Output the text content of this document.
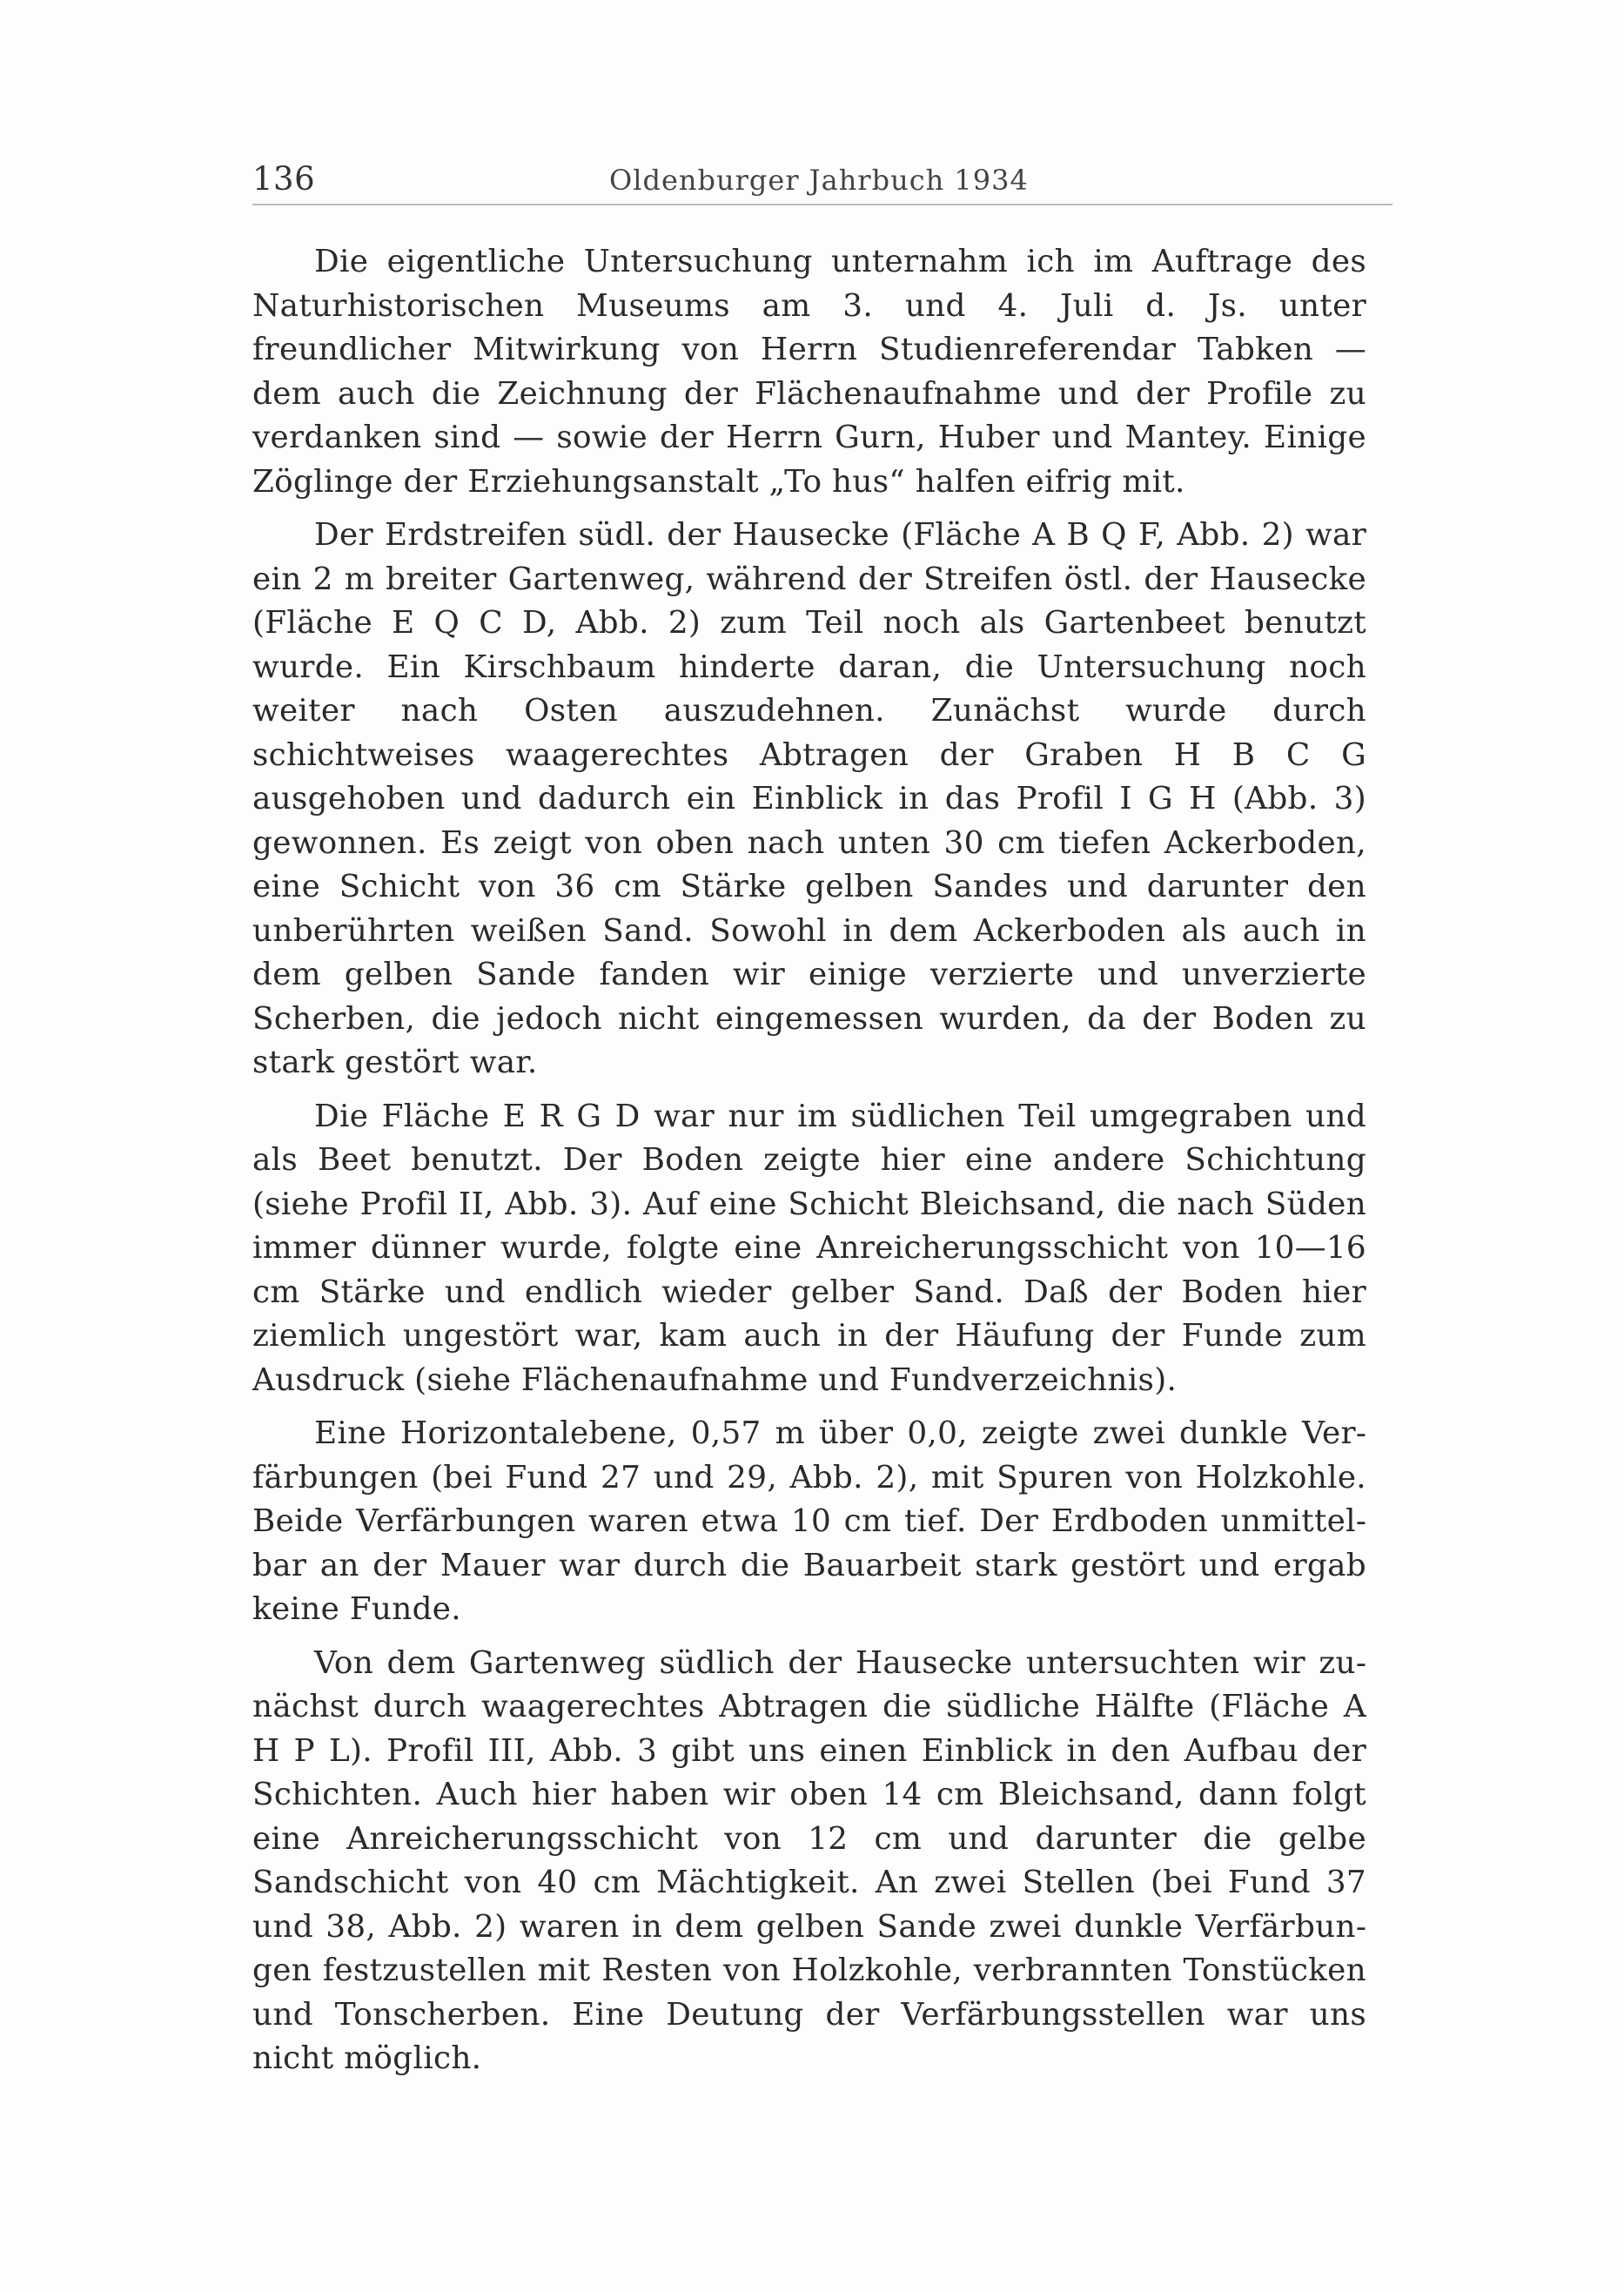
136	Oldenburger Jahrbuch 1934

Die eigentliche Untersuchung unternahm ich im Auftrage des Naturhistorischen Museums am 3. und 4. Juli d. Js. unter freundlicher Mitwirkung von Herrn Studienreferendar Tabken — dem auch die Zeichnung der Flächenaufnahme und der Profile zu verdanken sind — sowie der Herrn Gurn, Huber und Mantey. Einige Zöglinge der Erziehungsanstalt „To hus“ halfen eifrig mit.

Der Erdstreifen südl. der Hausecke (Fläche A B Q F, Abb. 2) war ein 2 m breiter Gartenweg, während der Streifen östl. der Hausecke (Fläche E Q C D, Abb. 2) zum Teil noch als Gartenbeet benutzt wurde. Ein Kirschbaum hinderte daran, die Untersuchung noch weiter nach Osten auszudehnen. Zunächst wurde durch schichtweises waagerechtes Abtragen der Graben H B C G ausgehoben und dadurch ein Einblick in das Profil I G H (Abb. 3) gewonnen. Es zeigt von oben nach unten 30 cm tiefen Ackerboden, eine Schicht von 36 cm Stärke gelben Sandes und darunter den unberührten weißen Sand. Sowohl in dem Ackerboden als auch in dem gelben Sande fanden wir einige verzierte und unverzierte Scherben, die jedoch nicht eingemessen wurden, da der Boden zu stark gestört war.

Die Fläche E R G D war nur im südlichen Teil umgegraben und als Beet benutzt. Der Boden zeigte hier eine andere Schichtung (siehe Profil II, Abb. 3). Auf eine Schicht Bleichsand, die nach Süden immer dünner wurde, folgte eine Anreicherungsschicht von 10—16 cm Stärke und endlich wieder gelber Sand. Daß der Boden hier ziemlich ungestört war, kam auch in der Häufung der Funde zum Ausdruck (siehe Flächenaufnahme und Fundverzeichnis).

Eine Horizontalebene, 0,57 m über 0,0, zeigte zwei dunkle Verfärbungen (bei Fund 27 und 29, Abb. 2), mit Spuren von Holzkohle. Beide Verfärbungen waren etwa 10 cm tief. Der Erdboden unmittelbar an der Mauer war durch die Bauarbeit stark gestört und ergab keine Funde.

Von dem Gartenweg südlich der Hausecke untersuchten wir zunächst durch waagerechtes Abtragen die südliche Hälfte (Fläche A H P L). Profil III, Abb. 3 gibt uns einen Einblick in den Aufbau der Schichten. Auch hier haben wir oben 14 cm Bleichsand, dann folgt eine Anreicherungsschicht von 12 cm und darunter die gelbe Sandschicht von 40 cm Mächtigkeit. An zwei Stellen (bei Fund 37 und 38, Abb. 2) waren in dem gelben Sande zwei dunkle Verfärbungen festzustellen mit Resten von Holzkohle, verbrannten Tonstücken und Tonscherben. Eine Deutung der Verfärbungsstellen war uns nicht möglich.
